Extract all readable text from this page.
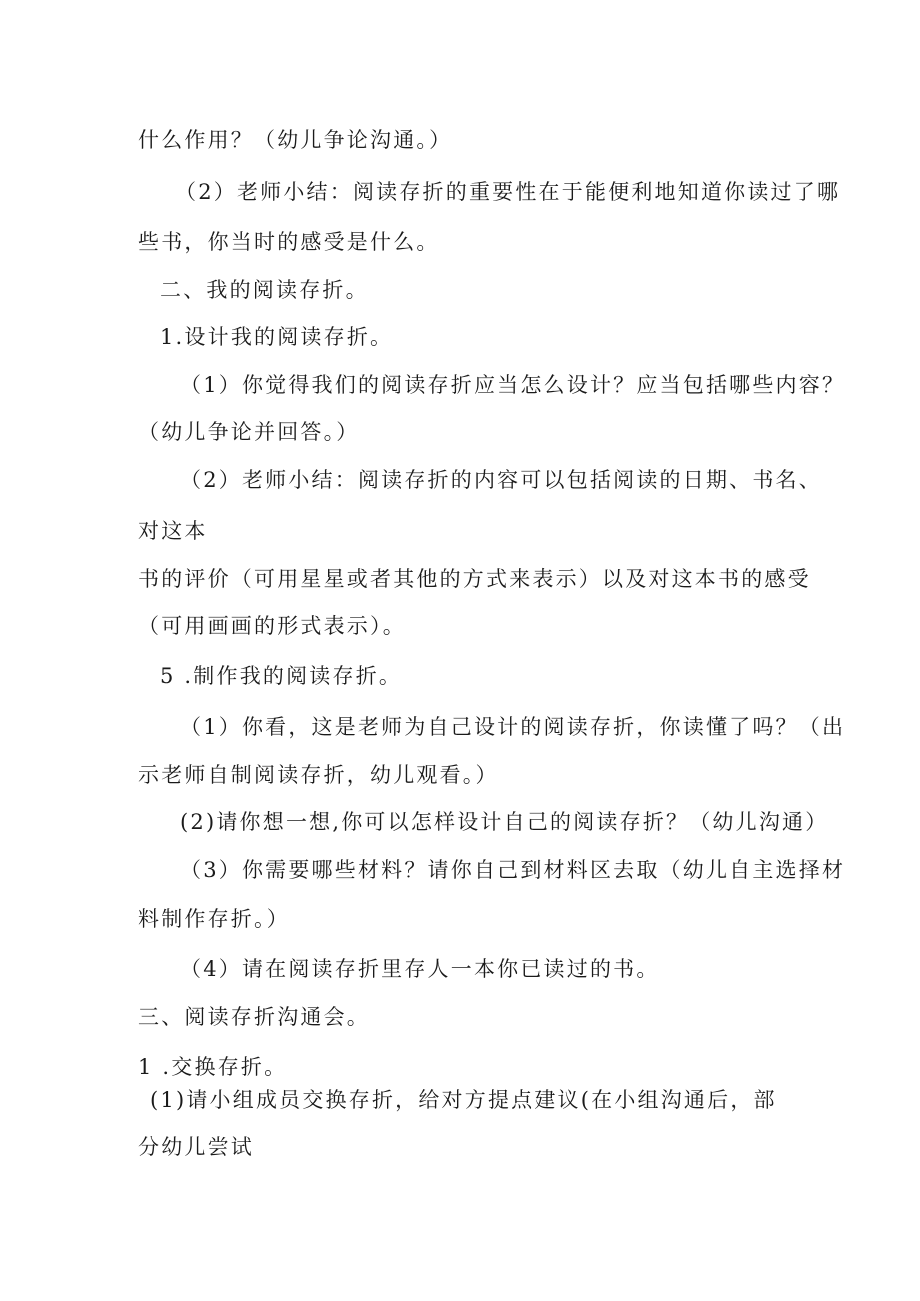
什么作用？（幼儿争论沟通。）
（2）老师小结：阅读存折的重要性在于能便利地知道你读过了哪
些书，你当时的感受是什么。
二、我的阅读存折。
1.设计我的阅读存折。
（1）你觉得我们的阅读存折应当怎么设计？应当包括哪些内容？
（幼儿争论并回答。）
（2）老师小结：阅读存折的内容可以包括阅读的日期、书名、
对这本
书的评价（可用星星或者其他的方式来表示）以及对这本书的感受
（可用画画的形式表示）。
5 .制作我的阅读存折。
（1）你看，这是老师为自己设计的阅读存折，你读懂了吗？（出
示老师自制阅读存折，幼儿观看。）
(2)请你想一想,你可以怎样设计自己的阅读存折？（幼儿沟通）
（3）你需要哪些材料？请你自己到材料区去取（幼儿自主选择材
料制作存折。）
（4）请在阅读存折里存人一本你已读过的书。
三、阅读存折沟通会。
1 .交换存折。
(1)请小组成员交换存折，给对方提点建议(在小组沟通后，部
分幼儿尝试
